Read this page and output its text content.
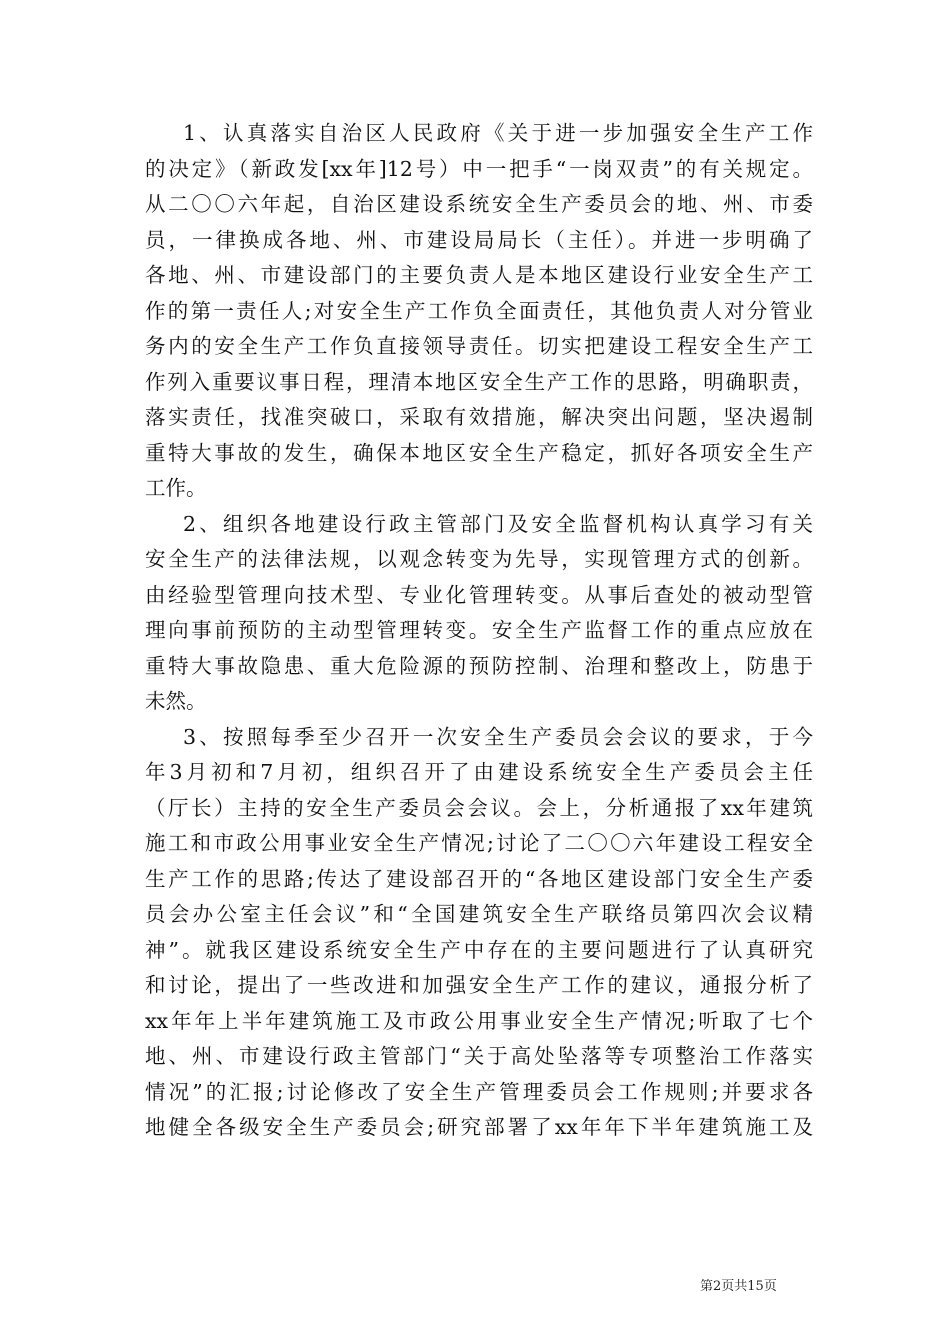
1、认真落实自治区人民政府《关于进一步加强安全生产工作
的决定》（新政发[xx年]12号）中一把手“一岗双责”的有关规定。
从二〇〇六年起，自治区建设系统安全生产委员会的地、州、市委
员，一律换成各地、州、市建设局局长（主任）。并进一步明确了
各地、州、市建设部门的主要负责人是本地区建设行业安全生产工
作的第一责任人;对安全生产工作负全面责任，其他负责人对分管业
务内的安全生产工作负直接领导责任。切实把建设工程安全生产工
作列入重要议事日程，理清本地区安全生产工作的思路，明确职责，
落实责任，找准突破口，采取有效措施，解决突出问题，坚决遏制
重特大事故的发生，确保本地区安全生产稳定，抓好各项安全生产
工作。
2、组织各地建设行政主管部门及安全监督机构认真学习有关
安全生产的法律法规，以观念转变为先导，实现管理方式的创新。
由经验型管理向技术型、专业化管理转变。从事后查处的被动型管
理向事前预防的主动型管理转变。安全生产监督工作的重点应放在
重特大事故隐患、重大危险源的预防控制、治理和整改上，防患于
未然。
3、按照每季至少召开一次安全生产委员会会议的要求，于今
年3月初和7月初，组织召开了由建设系统安全生产委员会主任
（厅长）主持的安全生产委员会会议。会上，分析通报了xx年建筑
施工和市政公用事业安全生产情况;讨论了二〇〇六年建设工程安全
生产工作的思路;传达了建设部召开的“各地区建设部门安全生产委
员会办公室主任会议”和“全国建筑安全生产联络员第四次会议精
神”。就我区建设系统安全生产中存在的主要问题进行了认真研究
和讨论，提出了一些改进和加强安全生产工作的建议，通报分析了
xx年年上半年建筑施工及市政公用事业安全生产情况;听取了七个
地、州、市建设行政主管部门“关于高处坠落等专项整治工作落实
情况”的汇报;讨论修改了安全生产管理委员会工作规则;并要求各
地健全各级安全生产委员会;研究部署了xx年年下半年建筑施工及
第2页共15页
